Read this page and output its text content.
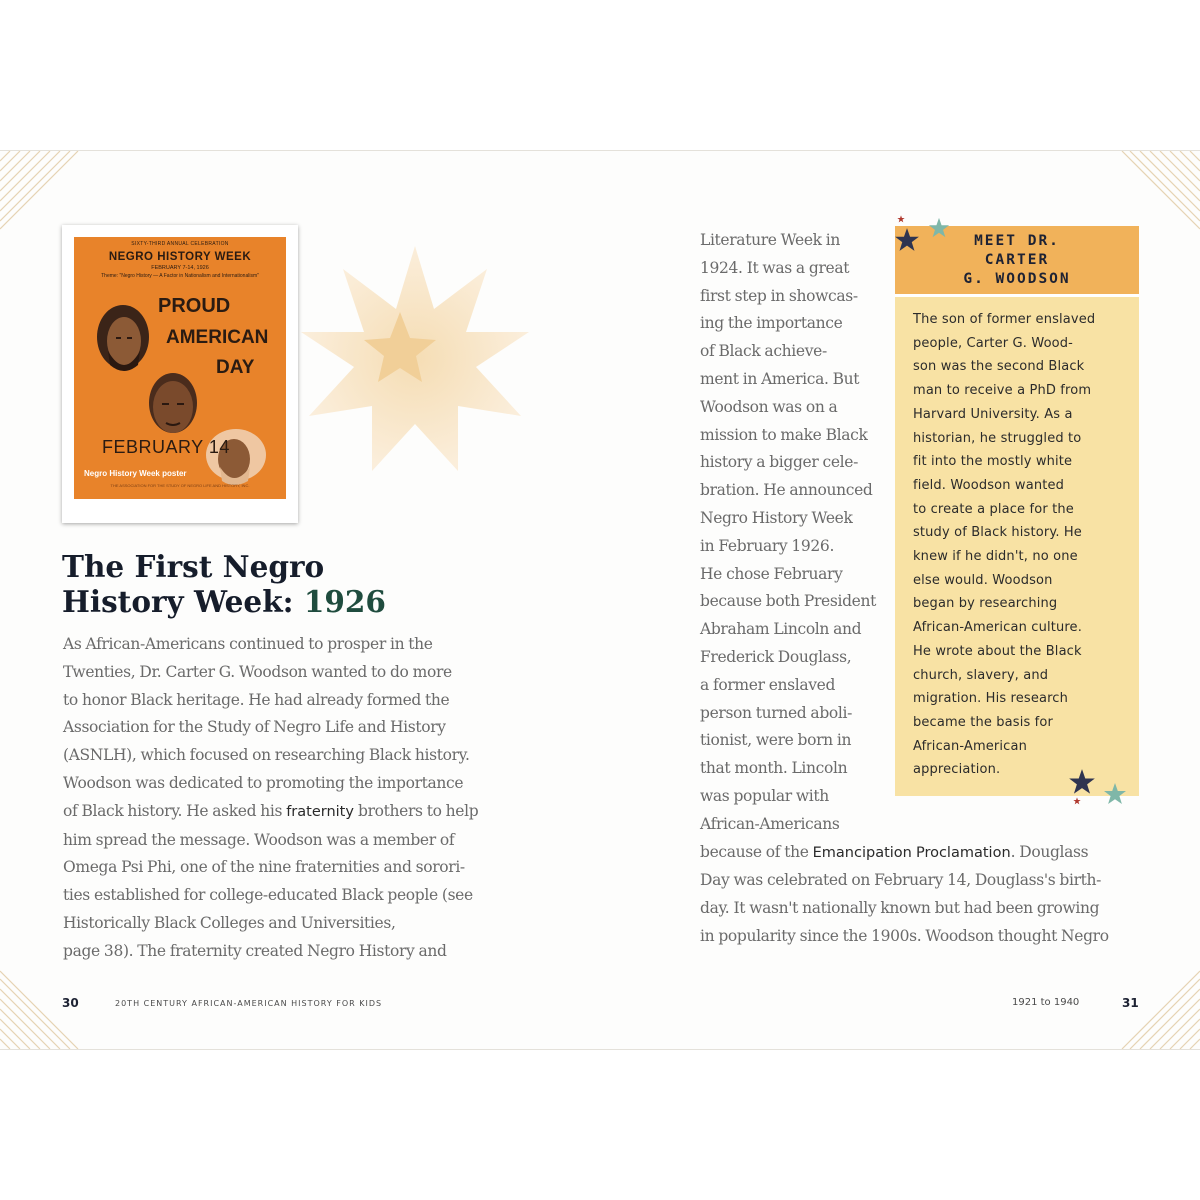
SIXTY-THIRD ANNUAL CELEBRATION
NEGRO HISTORY WEEK
FEBRUARY 7-14, 1926
Theme: "Negro History — A Factor in Nationalism and Internationalism"
PROUD
AMERICAN
DAY
FEBRUARY 14
Negro History Week poster
THE ASSOCIATION FOR THE STUDY OF NEGRO LIFE AND HISTORY, INC.
The First Negro
History Week: 1926
As African-Americans continued to prosper in the
Twenties, Dr. Carter G. Woodson wanted to do more
to honor Black heritage. He had already formed the
Association for the Study of Negro Life and History
(ASNLH), which focused on researching Black history.
Woodson was dedicated to promoting the importance
of Black history. He asked his fraternity brothers to help
him spread the message. Woodson was a member of
Omega Psi Phi, one of the nine fraternities and sorori-
ties established for college-educated Black people (see
Historically Black Colleges and Universities,
page 38). The fraternity created Negro History and
Literature Week in
1924. It was a great
first step in showcas-
ing the importance
of Black achieve-
ment in America. But
Woodson was on a
mission to make Black
history a bigger cele-
bration. He announced
Negro History Week
in February 1926.
He chose February
because both President
Abraham Lincoln and
Frederick Douglass,
a former enslaved
person turned aboli-
tionist, were born in
that month. Lincoln
was popular with
African-Americans
because of the Emancipation Proclamation. Douglass
Day was celebrated on February 14, Douglass's birth-
day. It wasn't nationally known but had been growing
in popularity since the 1900s. Woodson thought Negro
MEET DR.
CARTER
G. WOODSON
The son of former enslaved
people, Carter G. Wood-
son was the second Black
man to receive a PhD from
Harvard University. As a
historian, he struggled to
fit into the mostly white
field. Woodson wanted
to create a place for the
study of Black history. He
knew if he didn't, no one
else would. Woodson
began by researching
African-American culture.
He wrote about the Black
church, slavery, and
migration. His research
became the basis for
African-American
appreciation.
30	20TH CENTURY AFRICAN-AMERICAN HISTORY FOR KIDS	1921 to 1940	31
